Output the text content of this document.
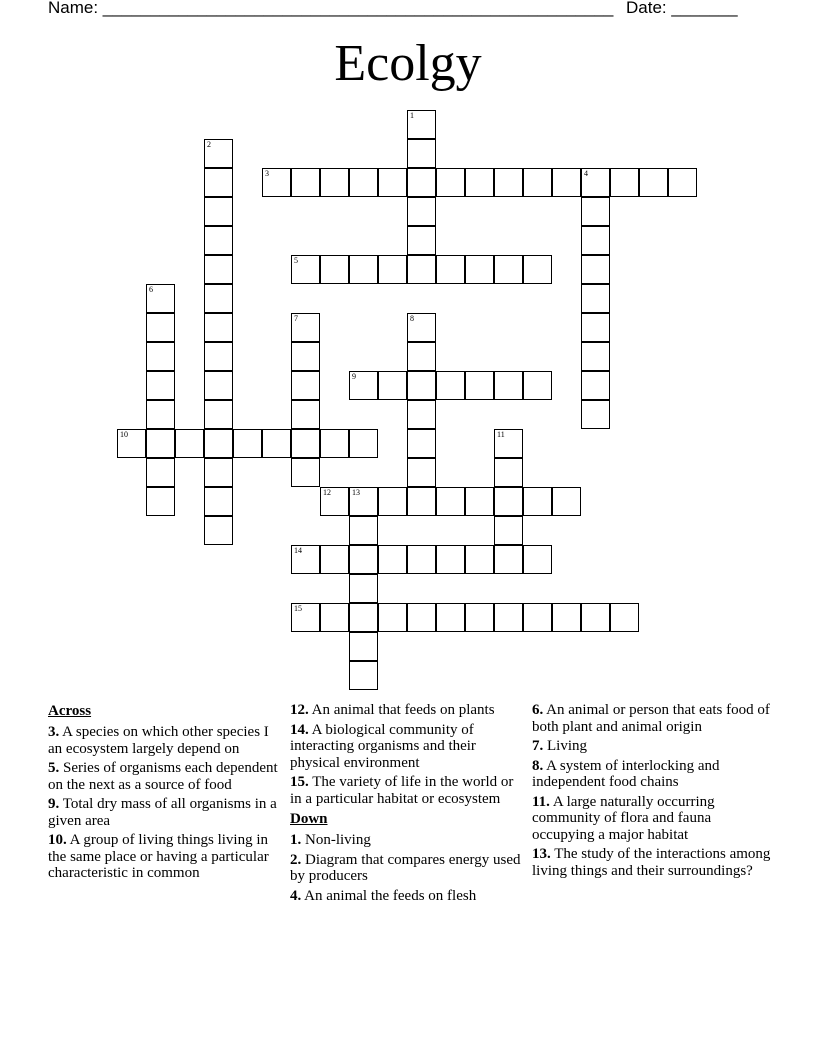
Name: ______________________________________________________ Date: _______
Ecolgy
3	4
5
9
10
12	13
14
15
1
2
6
7	8
11
Across
3. A species on which other species I an ecosystem largely depend on
5. Series of organisms each dependent on the next as a source of food
9. Total dry mass of all organisms in a given area
10. A group of living things living in the same place or having a particular characteristic in common
12. An animal that feeds on plants
14. A biological community of interacting organisms and their physical environment
15. The variety of life in the world or in a particular habitat or ecosystem
Down
1. Non-living
2. Diagram that compares energy used by producers
4. An animal the feeds on flesh
6. An animal or person that eats food of both plant and animal origin
7. Living
8. A system of interlocking and independent food chains
11. A large naturally occurring community of flora and fauna occupying a major habitat
13. The study of the interactions among living things and their surroundings?
